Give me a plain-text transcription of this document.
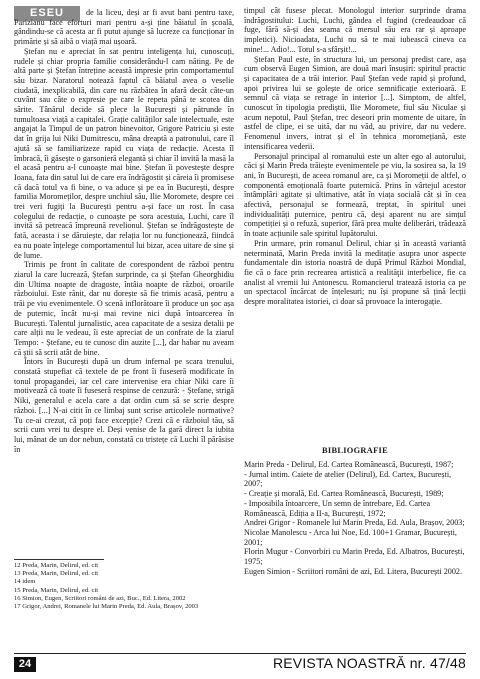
ESEU	de la liceu, deși ar fi avut bani pentru taxe, Parizianu face eforturi mari pentru a-și ține băiatul în școală, gândindu-se că acesta ar fi putut ajunge să lucreze ca funcționar în primărie și să aibă o viață mai ușoară.

Ștefan nu e apreciat în sat pentru inteligența lui, cunoscuți, rudele și chiar propria familie considerându-l cam năting. Pe de altă parte și Ștefan întreține această impresie prin comportamentul său bizar. Naratorul notează faptul că băiatul avea o veselie ciudată, inexplicabilă, din care nu răzbătea în afară decât câte-un cuvânt sau câte o expresie pe care le repeta până te scotea din sărite. Tânărul decide să plece la București și pătrunde în tumultoasa viață a capitalei. Grație calităților sale intelectuale, este angajat la Timpul de un patron binevoitor, Grigore Patriciu și este dat în grija lui Niki Dumitrescu, mâna dreaptă a patronului, care îl ajută să se familiarizeze rapid cu viața de redacție. Acesta îl îmbracă, îi găsește o garsonieră elegantă și chiar îl invită la masă la el acasă pentru a-l cunoaște mai bine. Ștefan îi povestește despre Ioana, fata din satul lui de care era îndrăgostit și căreia îi promisese că dacă totul va fi bine, o va aduce și pe ea în București, despre familia Moromeților, despre unchiul său, Ilie Moromete, despre cei trei veri fugiți la București pentru a-și face un rost. În casa colegului de redacție, o cunoaște pe sora acestuia, Luchi, care îl invită să petreacă împreună revelionul. Ștefan se îndrăgostește de fată, aceasta i se dăruiește, dar relația lor nu funcționează, fiindcă ea nu poate înțelege comportamentul lui bizar, acea uitare de sine și de lume.

Trimis pe front în calitate de corespondent de război pentru ziarul la care lucrează, Ștefan surprinde, ca și Ștefan Gheorghidiu din Ultima noapte de dragoste, întâia noapte de război, oroarile războiului. Este rănit, dar nu dorește să fie trimis acasă, pentru a trăi pe viu evenimentele. O scenă inflorătoare îi produce un șoc așa de puternic, încât nu-și mai revine nici după întoarcerea în București. Talentul jurnalistic, acea capacitate de a sesiza detalii pe care alții nu le vedeau, îi este apreciat de un confrate de la ziarul Tempo: - Ștefane, eu te cunosc din auzite [...], dar habar nu aveam că știi să scrii atât de bine.

Întors în București după un drum infernal pe scara trenului, constată stupefiat că textele de pe front îi fuseseră modificate în tonul propagandei, iar cel care intervenise era chiar Niki care îi motivează că toate îi fuseseră respinse de cenzură: - Ștefane, strigă Niki, generalul e acela care a dat ordin cum să se scrie despre război. [...] N-ai citit în ce limbaj sunt scrise articolele normative? Tu ce-ai crezut, că poți face excepție? Crezi că e războiul tău, să scrii cum vrei tu despre el. Deși venise de la gară direct la iubita lui, mânat de un dor nebun, constată cu tristețe că Luchi îl părăsise în

12 Preda, Marin, Delirul, ed. cit
13 Preda, Marin, Delirul, ed. cit
14 idem
15 Preda, Marin, Delirul, ed. cit
16 Simion, Eugen, Scriitori români de azi, Buc., Ed. Litera, 2002
17 Grigor, Andrei, Romanele lui Marin Preda, Ed. Aula, Brașov, 2003

timpul cât fusese plecat. Monologul interior surprinde drama îndrăgostitului: Luchi, Luchi, gândea el fugind (credeaudoar că fuge, fără să-și dea seama că mersul său era rar și aproape impletici). Nicioadata, Luchi nu să te mai iubească cineva ca mine!... Adio!... Totul s-a sfârșit!...

Ștefan Paul este, în structura lui, un personaj predist care, așa cum observă Eugen Simion, are două mari însușiri: spiritul practic și capacitatea de a trăi interior. Paul Ștefan vede rapid și profund, apoi privirea lui se golește de orice semnificație exterioară. E semnul că viața se retrage în interior [...]. Simptom, de altfel, cunoscut în tipologia prediștii, Ilie Moromete, fiul său Niculae și acum nepotul, Paul Ștefan, trec deseori prin momente de uitare, în astfel de clipe, ei se uită, dar nu văd, au privire, dar nu vedere. Fenomenul invers, intrat și el în tehnica moromețiană, este intensificarea vederii.

Personajul principal al romanului este un alter ego al autorului, căci și Marin Preda trăiește evenimentele pe viu, la sosirea sa, la 19 ani, în București, de aceea romanul are, ca și Moromeții de altfel, o componentă emoțională foarte puternică. Prins în vârtejul acestor întâmplări agitate și ultimative, atât în viața socială cât și în cea afectivă, personajul se formează, treptat, în spiritul unei individualități puternice, pentru că, deși aparent nu are simțul competiției și o refuză, superior, fără prea multe deliberări, trădează în toate acțiunile sale spiritul lupătorului.

Prin urmare, prin romanul Delirul, chiar și în această variantă neterminată, Marin Preda invită la meditație asupra unor aspecte fundamentale din istoria noastră de după Primul Război Mondial, fie că o face prin recrearea artistică a realităţii interbelice, fie ca analist al vremii lui Antonescu. Romancierul tratează istoria ca pe un spectacol încărcat de înțelesuri; nu își propune să țină lecții despre moralitatea istoriei, ci doar să provoace la interogație.

BIBLIOGRAFIE
Marin Preda - Delirul, Ed. Cartea Românească, București, 1987;
- Jurnal intim. Caiete de atelier (Delirul), Ed. Cartex, București, 2007;
- Creație și morală, Ed. Cartea Românească, București, 1989;
- Imposibila întoarcere, Un semn de întrebare, Ed. Cartea Românească, Ediția a II-a, București, 1972;
Andrei Grigor - Romanele lui Marin Preda, Ed. Aula, Brașov, 2003;
Nicolae Manolescu - Arca lui Noe, Ed. 100+1 Gramar, București, 2001;
Florin Mugur - Convorbiri cu Marin Preda, Ed. Albatros, București, 1975;
Eugen Simion - Scriitori români de azi, Ed. Litera, București 2002.
24	REVISTA NOASTRĂ nr. 47/48
